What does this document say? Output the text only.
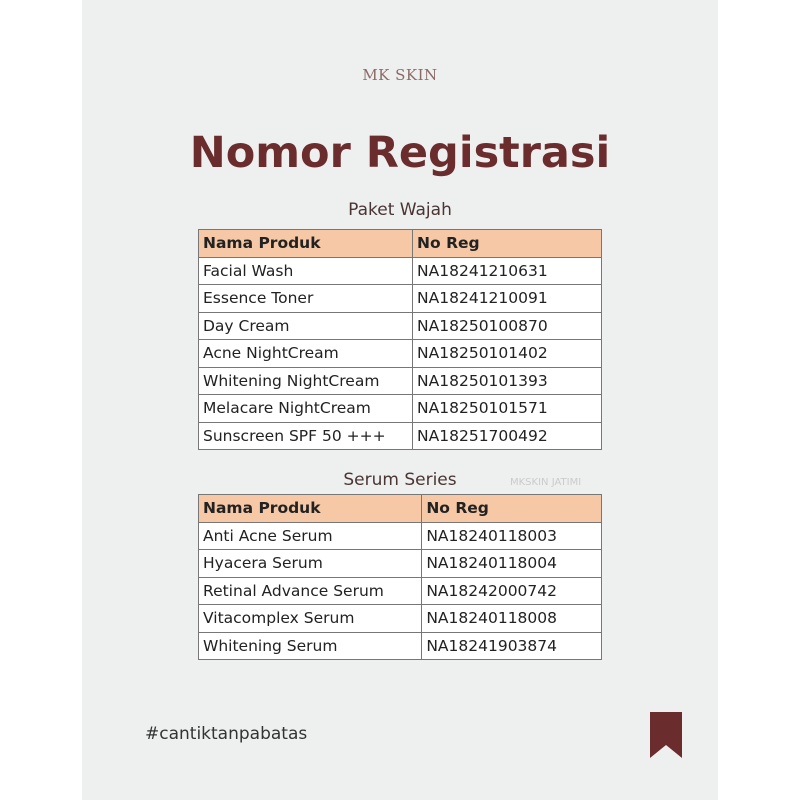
MK SKIN
Nomor Registrasi
Paket Wajah
Nama Produk	No Reg
Facial Wash	NA18241210631
Essence Toner	NA18241210091
Day Cream	NA18250100870
Acne NightCream	NA18250101402
Whitening NightCream	NA18250101393
Melacare NightCream	NA18250101571
Sunscreen SPF 50 +++	NA18251700492
Serum Series	MKSKIN JATIMI
Nama Produk	No Reg
Anti Acne Serum	NA18240118003
Hyacera Serum	NA18240118004
Retinal Advance Serum	NA18242000742
Vitacomplex Serum	NA18240118008
Whitening Serum	NA18241903874
#cantiktanpabatas
